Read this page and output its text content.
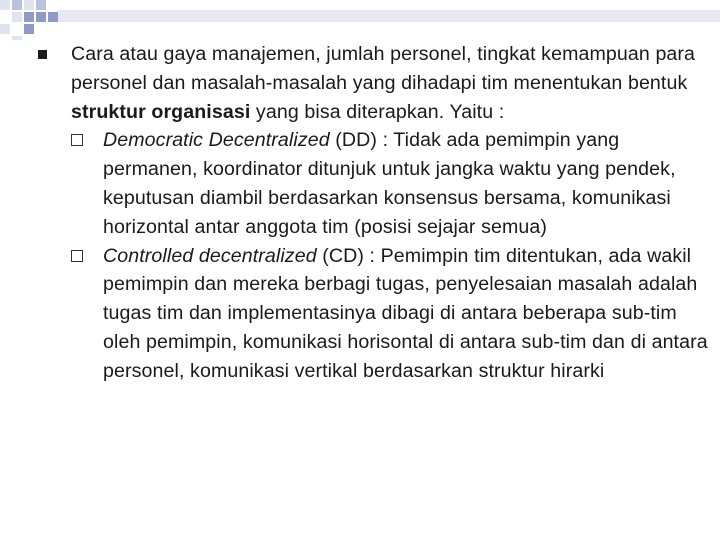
Cara atau gaya manajemen, jumlah personel, tingkat kemampuan para personel dan masalah-masalah yang dihadapi tim menentukan bentuk struktur organisasi yang bisa diterapkan. Yaitu :
Democratic Decentralized (DD) : Tidak ada pemimpin yang permanen, koordinator ditunjuk untuk jangka waktu yang pendek, keputusan diambil berdasarkan konsensus bersama, komunikasi horizontal antar anggota tim (posisi sejajar semua)
Controlled decentralized (CD) : Pemimpin tim ditentukan, ada wakil pemimpin dan mereka berbagi tugas, penyelesaian masalah adalah tugas tim dan implementasinya dibagi di antara beberapa sub-tim oleh pemimpin, komunikasi horisontal di antara sub-tim dan di antara personel, komunikasi vertikal berdasarkan struktur hirarki
